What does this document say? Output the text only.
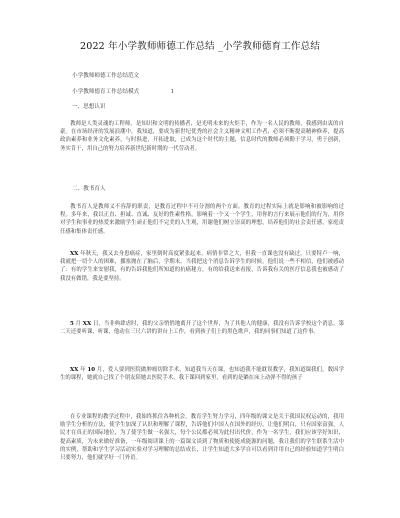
2022 年小学教师师德工作总结 _小学教师德育工作总结
小学教师师德工作总结范文
小学教师德育工作总结模式	1
一、思想认识
教师是人类灵魂的工程师，是知识和文明的传播者，是光明未来的火炬手，作为一名人民的教师，我感到由衷的自豪。在市场经济的发展浪潮中，我知道，要成为新世纪优秀的社会主义精神文明工作者，必须不断提高精神修养，提高政治素养和业务文化素养，与时俱进，开拓进取，已成为这个时代的主题，信息时代的教师必须勤于学习，勇于创新，务实肯干，用自己的努力培养新世纪新时期的一代劳动者。
二、教书育人
教书育人是教师义不容辞的职责，是教育过程中不可分割的两个方面。教育的过程实际上就是影响和被影响的过程。多年来，我以正直、担诚、直诚、友好的性素性格，影响着一个又一个学生，用你的言行来展示他们的行为，用你对学生和事业的热爱来激励学生顽正他们不完美的人生观，用谢他们树立崇高的理想，培养他们的社会责任感，家庭责任感和集体责任感。
XX 年秋天，我又去身患癌症，家里倒时高度紧张起来，病情非常之大，但我一直课也没有缺过，只要特卢一响，我就把一切个人的困难，挪塞抛在了脑后，学期末，当我把这个消息告诉学生的时候，他们说一些不相信，他们被感动了：有的学生来安慰我，有的告诉我他们所知道的抗癌秘方，有的给我送来看报，告诉我有关的医疗信息我也被感动了我没有做错，我是要坚持。
5 月 XX 日，当非典肆虐时，我的父亲悄悄地离开了这个世界，为了其他人的健康，我没有告诉学校这个消息，第二天还要听课，听课，他动在三尺六讲的讲台上工作，看到孩子们上的黑色歌声，我的同事们知道了这件事。
XX 年 10 月，爱人要到医院做肿瘤切除手术，知道我当天在课，也知道我不能耽误教学，我知道课我们，数因学生的课程，她就自己找了个朋友陪她去医院手术，我下课回到家里，看到的是躺在床上动弹不得的孩子
在专业课程的教学过程中，我始终抓住各种机会，教育学生努力学习，四年级的课文是关于我国民权运动的，我用励学生分析的方法，使学生加深了认识和理解了课程，告诉他们中国人在国外的经历，让他们明白，只有国家富强，人民才在真正的国际地位，为了使学生做一名强大，每个公民都必须为此付出代价，作为一名学生，我们应该学好知识，提高素质，为未来做好准备，一年级阅读课上的一篇课文谈到了物质和使能成能源的问题，我让我们的学生联系生活中的实例，帮助和学生学习活动实验对学习理解的总结成长，让学生知道大多学自可以看到并用自己的经验知道学生明白只要努力，他们就学好一门外语。
